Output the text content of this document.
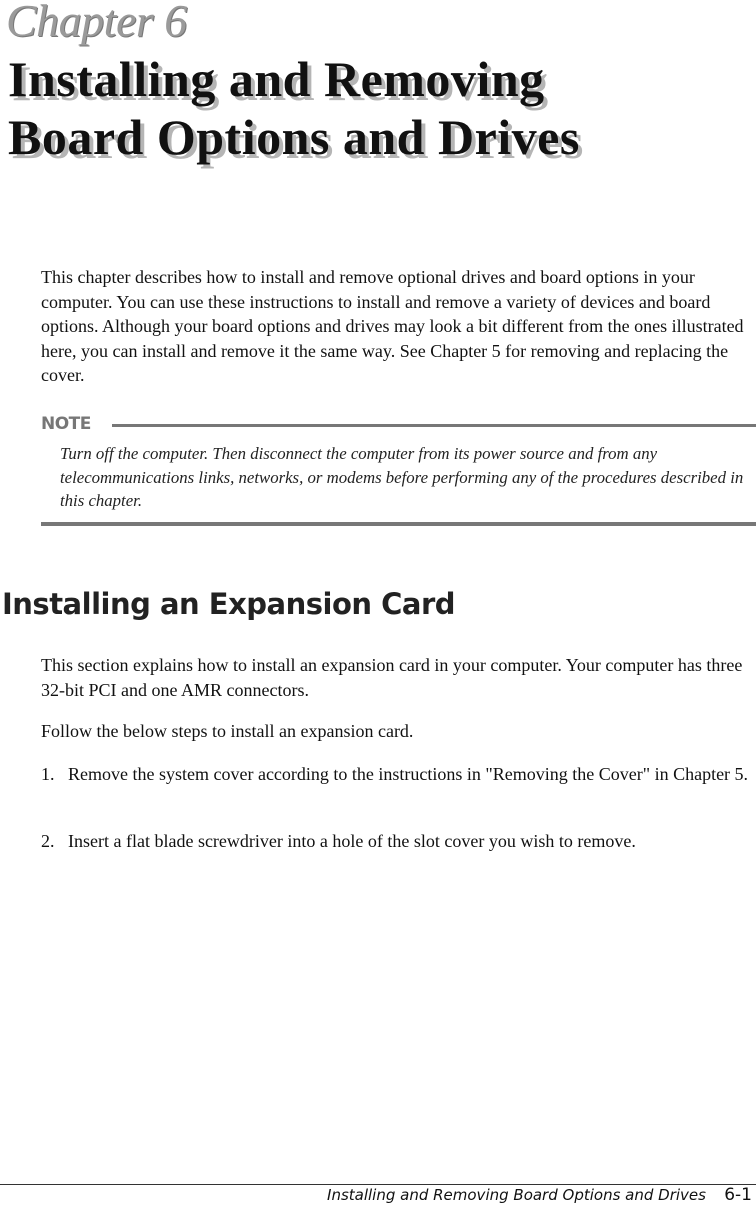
Chapter 6
Installing and Removing
Board Options and Drives
This chapter describes how to install and remove optional drives and board options in your computer. You can use these instructions to install and remove a variety of devices and board options. Although your board options and drives may look a bit different from the ones illustrated here, you can install and remove it the same way. See Chapter 5 for removing and replacing the cover.
NOTE
Turn off the computer. Then disconnect the computer from its power source and from any telecommunications links, networks, or modems before performing any of the procedures described in this chapter.
Installing an Expansion Card
This section explains how to install an expansion card in your computer. Your computer has three 32-bit PCI and one AMR connectors.
Follow the below steps to install an expansion card.
1. Remove the system cover according to the instructions in "Removing the Cover" in Chapter 5.
2. Insert a flat blade screwdriver into a hole of the slot cover you wish to remove.
Installing and Removing Board Options and Drives 6-1
